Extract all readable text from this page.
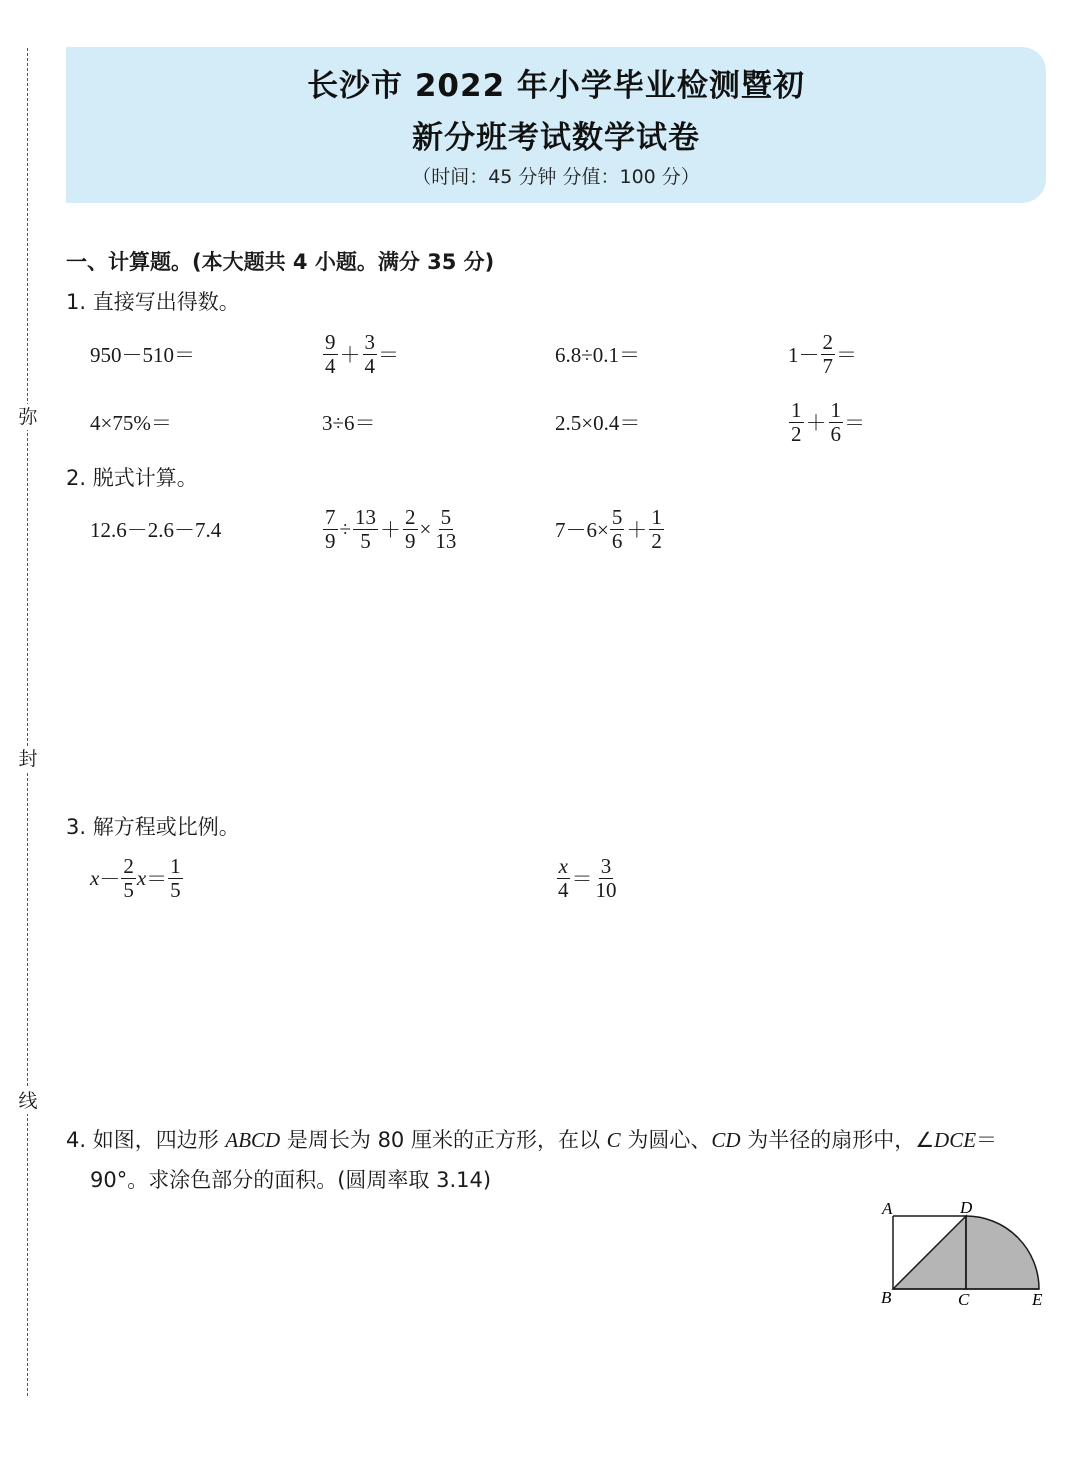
弥
封
线
长沙市 2022 年小学毕业检测暨初
新分班考试数学试卷
（时间：45 分钟 分值：100 分）
一、计算题。(本大题共 4 小题。满分 35 分)
1. 直接写出得数。
950－510＝	$\frac{9}{4} + \frac{3}{4}$ ＝	6.8÷0.1＝	$1- \frac{2}{7}$ ＝
4×75%＝	3÷6＝	2.5×0.4＝	$\frac{1}{2} + \frac{1}{6}$ ＝
2. 脱式计算。
12.6－2.6－7.4	$\frac{7}{9} \div \frac{13}{5} + \frac{2}{9} \times \frac{5}{13}$	$7-6\times \frac{5}{6} + \frac{1}{2}$
3. 解方程或比例。
$x - \frac{2}{5}$ $x = \frac{1}{5}$	$\frac{x}{4} = \frac{3}{10}$
4. 如图，四边形 ABCD 是周长为 80 厘米的正方形，在以 C 为圆心、CD 为半径的扇形中，∠DCE＝
90°。求涂色部分的面积。(圆周率取 3.14)
A	D
B	C	E
